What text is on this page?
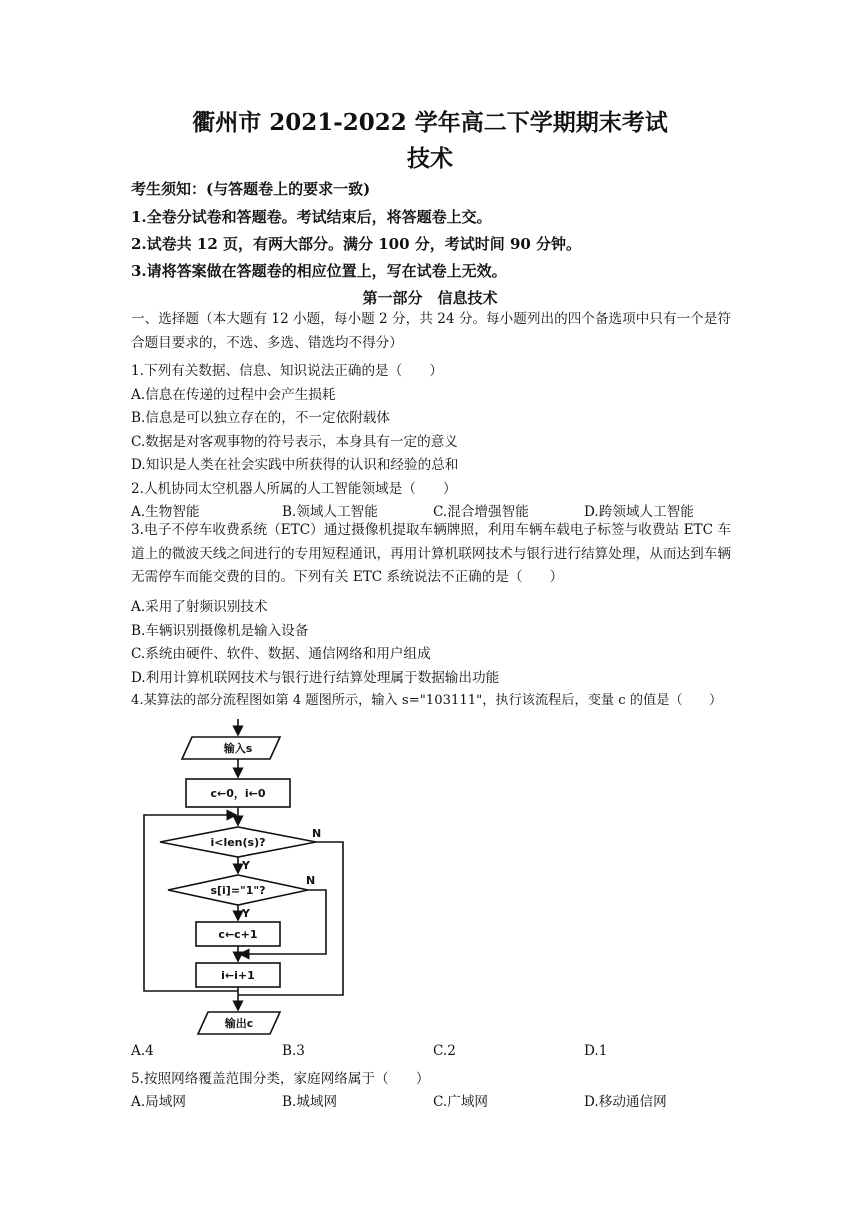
衢州市 2021-2022 学年高二下学期期末考试
技术
考生须知：(与答题卷上的要求一致)
1.全卷分试卷和答题卷。考试结束后，将答题卷上交。
2.试卷共 12 页，有两大部分。满分 100 分，考试时间 90 分钟。
3.请将答案做在答题卷的相应位置上，写在试卷上无效。
第一部分　信息技术
一、选择题（本大题有 12 小题，每小题 2 分，共 24 分。每小题列出的四个备选项中只有一个是符合题目要求的，不选、多选、错选均不得分）
1.下列有关数据、信息、知识说法正确的是（　　）
A.信息在传递的过程中会产生损耗
B.信息是可以独立存在的，不一定依附载体
C.数据是对客观事物的符号表示，本身具有一定的意义
D.知识是人类在社会实践中所获得的认识和经验的总和
2.人机协同太空机器人所属的人工智能领域是（　　）
A.生物智能	B.领域人工智能	C.混合增强智能	D.跨领域人工智能
3.电子不停车收费系统（ETC）通过摄像机提取车辆牌照，利用车辆车载电子标签与收费站 ETC 车道上的微波天线之间进行的专用短程通讯，再用计算机联网技术与银行进行结算处理，从而达到车辆无需停车而能交费的目的。下列有关 ETC 系统说法不正确的是（　　）
A.采用了射频识别技术
B.车辆识别摄像机是输入设备
C.系统由硬件、软件、数据、通信网络和用户组成
D.利用计算机联网技术与银行进行结算处理属于数据输出功能
4.某算法的部分流程图如第 4 题图所示，输入 s="103111"，执行该流程后，变量 c 的值是（　　）
输入s
c←0，i←0
i<len(s)?
s[i]="1"?
c←c+1
i←i+1
输出c
Y
Y
N
N
A.4	B.3	C.2	D.1
5.按照网络覆盖范围分类，家庭网络属于（　　）
A.局域网	B.城域网	C.广域网	D.移动通信网
